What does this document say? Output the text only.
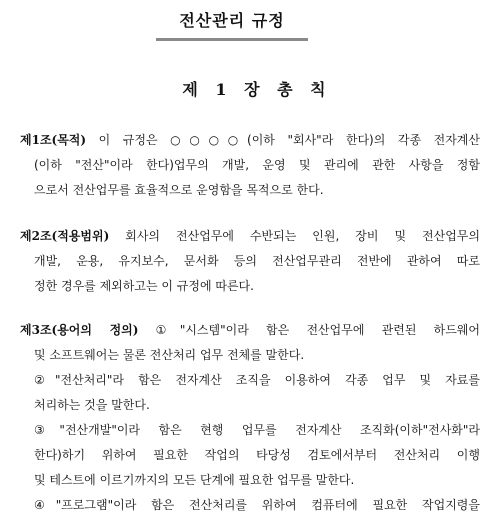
전산관리 규정
제 1 장 총 칙
제1조(목적) 이 규정은 ○○○○(이하 "회사"라 한다)의 각종 전자계산
(이하 "전산"이라 한다)업무의 개발, 운영 및 관리에 관한 사항을 정함
으로서 전산업무를 효율적으로 운영함을 목적으로 한다.
제2조(적용범위) 회사의 전산업무에 수반되는 인원, 장비 및 전산업무의
개발, 운용, 유지보수, 문서화 등의 전산업무관리 전반에 관하여 따로
정한 경우를 제외하고는 이 규정에 따른다.
제3조(용어의 정의) ①"시스템"이라 함은 전산업무에 관련된 하드웨어
및 소프트웨어는 물론 전산처리 업무 전체를 말한다.
②"전산처리"라 함은 전자계산 조직을 이용하여 각종 업무 및 자료를
처리하는 것을 말한다.
③"전산개발"이라 함은 현행 업무를 전자계산 조직화(이하"전사화"라
한다)하기 위하여 필요한 작업의 타당성 검토에서부터 전산처리 이행
및 테스트에 이르기까지의 모든 단계에 필요한 업무를 말한다.
④"프로그램"이라 함은 전산처리를 위하여 컴퓨터에 필요한 작업지령을
